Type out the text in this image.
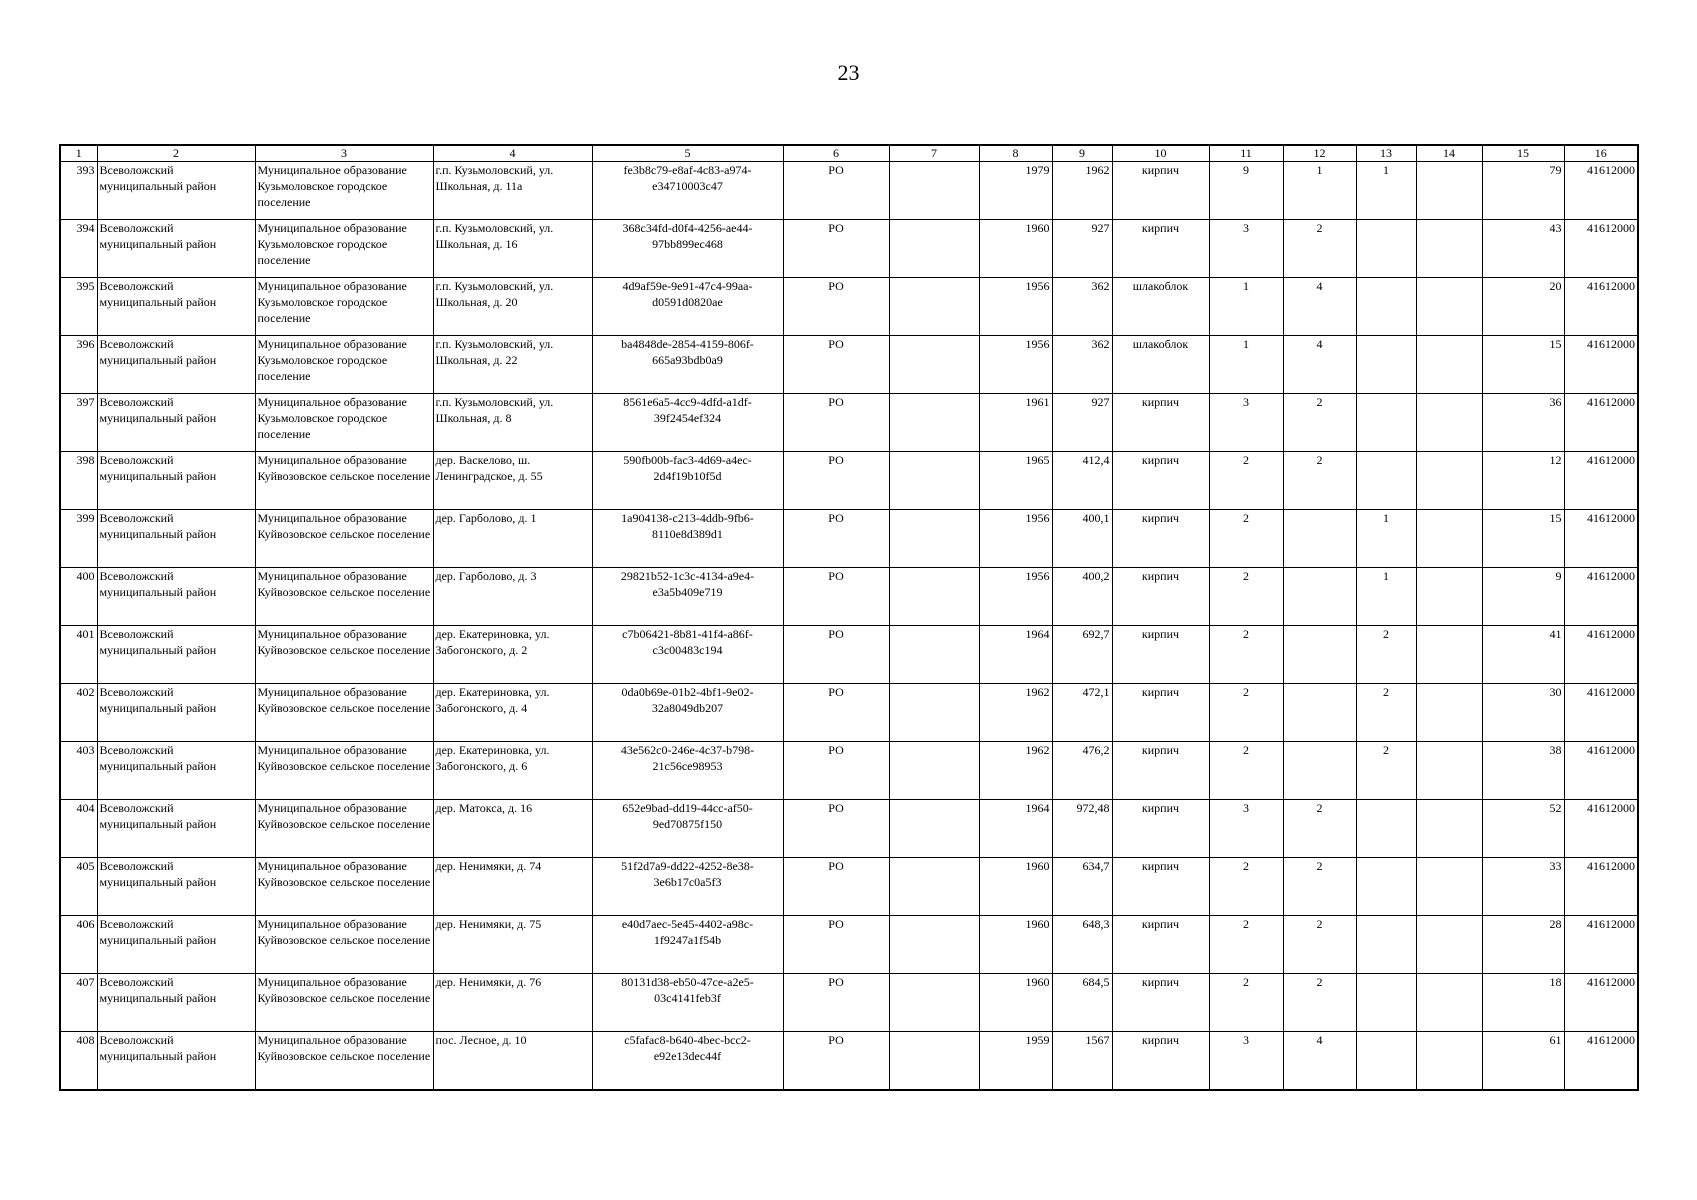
23
1	2	3	4	5	6	7	8	9	10	11	12	13	14	15	16
393	Всеволожский муниципальный район	Муниципальное образование Кузьмоловское городское поселение	г.п. Кузьмоловский, ул. Школьная, д. 11а	fe3b8c79-e8af-4c83-a974-e34710003c47	РО		1979	1962	кирпич	9	1	1		79	41612000
394	Всеволожский муниципальный район	Муниципальное образование Кузьмоловское городское поселение	г.п. Кузьмоловский, ул. Школьная, д. 16	368c34fd-d0f4-4256-ae44-97bb899ec468	РО		1960	927	кирпич	3	2			43	41612000
395	Всеволожский муниципальный район	Муниципальное образование Кузьмоловское городское поселение	г.п. Кузьмоловский, ул. Школьная, д. 20	4d9af59e-9e91-47c4-99aa-d0591d0820ae	РО		1956	362	шлакоблок	1	4			20	41612000
396	Всеволожский муниципальный район	Муниципальное образование Кузьмоловское городское поселение	г.п. Кузьмоловский, ул. Школьная, д. 22	ba4848de-2854-4159-806f-665a93bdb0a9	РО		1956	362	шлакоблок	1	4			15	41612000
397	Всеволожский муниципальный район	Муниципальное образование Кузьмоловское городское поселение	г.п. Кузьмоловский, ул. Школьная, д. 8	8561e6a5-4cc9-4dfd-a1df-39f2454ef324	РО		1961	927	кирпич	3	2			36	41612000
398	Всеволожский муниципальный район	Муниципальное образование Куйвозовское сельское поселение	дер. Васкелово, ш. Ленинградское, д. 55	590fb00b-fac3-4d69-a4ec-2d4f19b10f5d	РО		1965	412,4	кирпич	2	2			12	41612000
399	Всеволожский муниципальный район	Муниципальное образование Куйвозовское сельское поселение	дер. Гарболово, д. 1	1a904138-c213-4ddb-9fb6-8110e8d389d1	РО		1956	400,1	кирпич	2		1		15	41612000
400	Всеволожский муниципальный район	Муниципальное образование Куйвозовское сельское поселение	дер. Гарболово, д. 3	29821b52-1c3c-4134-a9e4-e3a5b409e719	РО		1956	400,2	кирпич	2		1		9	41612000
401	Всеволожский муниципальный район	Муниципальное образование Куйвозовское сельское поселение	дер. Екатериновка, ул. Забогонского, д. 2	c7b06421-8b81-41f4-a86f-c3c00483c194	РО		1964	692,7	кирпич	2		2		41	41612000
402	Всеволожский муниципальный район	Муниципальное образование Куйвозовское сельское поселение	дер. Екатериновка, ул. Забогонского, д. 4	0da0b69e-01b2-4bf1-9e02-32a8049db207	РО		1962	472,1	кирпич	2		2		30	41612000
403	Всеволожский муниципальный район	Муниципальное образование Куйвозовское сельское поселение	дер. Екатериновка, ул. Забогонского, д. 6	43e562c0-246e-4c37-b798-21c56ce98953	РО		1962	476,2	кирпич	2		2		38	41612000
404	Всеволожский муниципальный район	Муниципальное образование Куйвозовское сельское поселение	дер. Матокса, д. 16	652e9bad-dd19-44cc-af50-9ed70875f150	РО		1964	972,48	кирпич	3	2			52	41612000
405	Всеволожский муниципальный район	Муниципальное образование Куйвозовское сельское поселение	дер. Ненимяки, д. 74	51f2d7a9-dd22-4252-8e38-3e6b17c0a5f3	РО		1960	634,7	кирпич	2	2			33	41612000
406	Всеволожский муниципальный район	Муниципальное образование Куйвозовское сельское поселение	дер. Ненимяки, д. 75	e40d7aec-5e45-4402-a98c-1f9247a1f54b	РО		1960	648,3	кирпич	2	2			28	41612000
407	Всеволожский муниципальный район	Муниципальное образование Куйвозовское сельское поселение	дер. Ненимяки, д. 76	80131d38-eb50-47ce-a2e5-03c4141feb3f	РО		1960	684,5	кирпич	2	2			18	41612000
408	Всеволожский муниципальный район	Муниципальное образование Куйвозовское сельское поселение	пос. Лесное, д. 10	c5fafac8-b640-4bec-bcc2-e92e13dec44f	РО		1959	1567	кирпич	3	4			61	41612000
